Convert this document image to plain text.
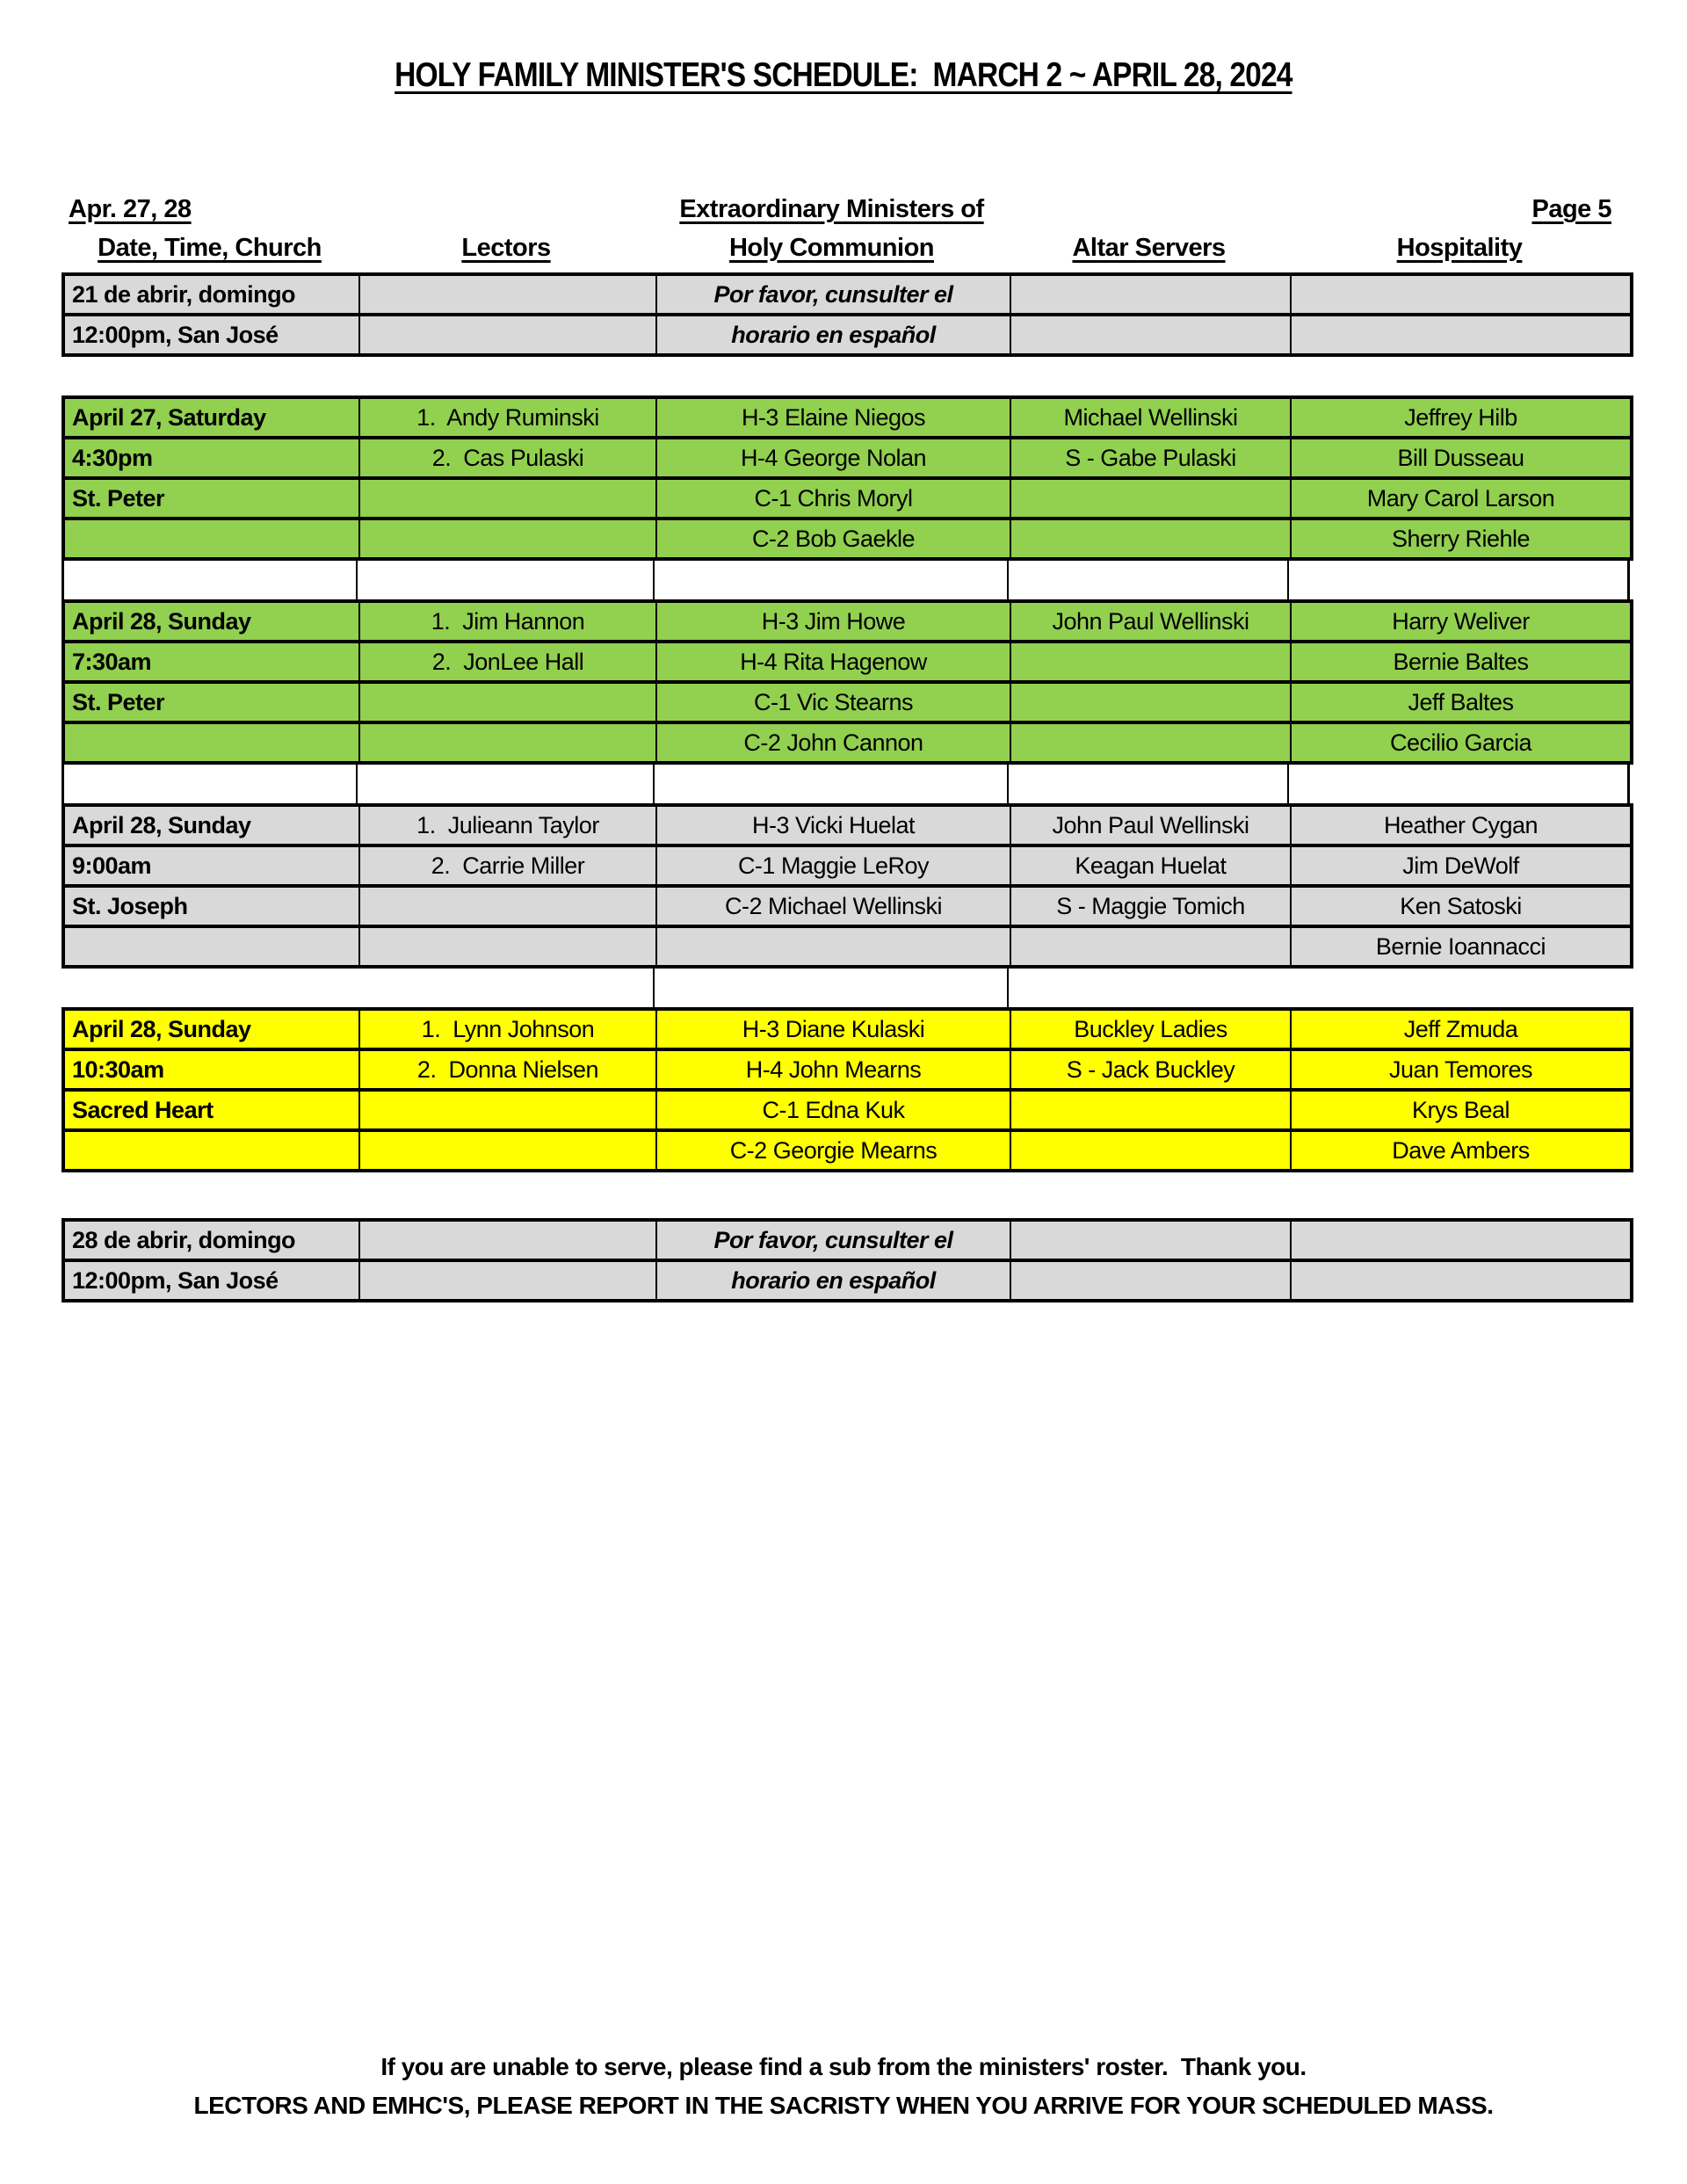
HOLY FAMILY MINISTER'S SCHEDULE:  MARCH 2 ~ APRIL 28, 2024
Apr. 27, 28	Extraordinary Ministers of	Page 5
Date, Time, Church	Lectors	Holy Communion	Altar Servers	Hospitality
21 de abrir, domingo		Por favor, cunsulter el		
12:00pm, San José		horario en español		
April 27, Saturday	1.  Andy Ruminski	H-3 Elaine Niegos	Michael Wellinski	Jeffrey Hilb
4:30pm	2.  Cas Pulaski	H-4 George Nolan	S - Gabe Pulaski	Bill Dusseau
St. Peter		C-1 Chris Moryl		Mary Carol Larson
		C-2 Bob Gaekle		Sherry Riehle
April 28, Sunday	1.  Jim Hannon	H-3 Jim Howe	John Paul Wellinski	Harry Weliver
7:30am	2.  JonLee Hall	H-4 Rita Hagenow		Bernie Baltes
St. Peter		C-1 Vic Stearns		Jeff Baltes
		C-2 John Cannon		Cecilio Garcia
April 28, Sunday	1.  Julieann Taylor	H-3 Vicki Huelat	John Paul Wellinski	Heather Cygan
9:00am	2.  Carrie Miller	C-1 Maggie LeRoy	Keagan Huelat	Jim DeWolf
St. Joseph		C-2 Michael Wellinski	S - Maggie Tomich	Ken Satoski
				Bernie Ioannacci
April 28, Sunday	1.  Lynn Johnson	H-3 Diane Kulaski	Buckley Ladies	Jeff Zmuda
10:30am	2.  Donna Nielsen	H-4 John Mearns	S - Jack Buckley	Juan Temores
Sacred Heart		C-1 Edna Kuk		Krys Beal
		C-2 Georgie Mearns		Dave Ambers
28 de abrir, domingo		Por favor, cunsulter el		
12:00pm, San José		horario en español		
If you are unable to serve, please find a sub from the ministers' roster.  Thank you.
LECTORS AND EMHC'S, PLEASE REPORT IN THE SACRISTY WHEN YOU ARRIVE FOR YOUR SCHEDULED MASS.
